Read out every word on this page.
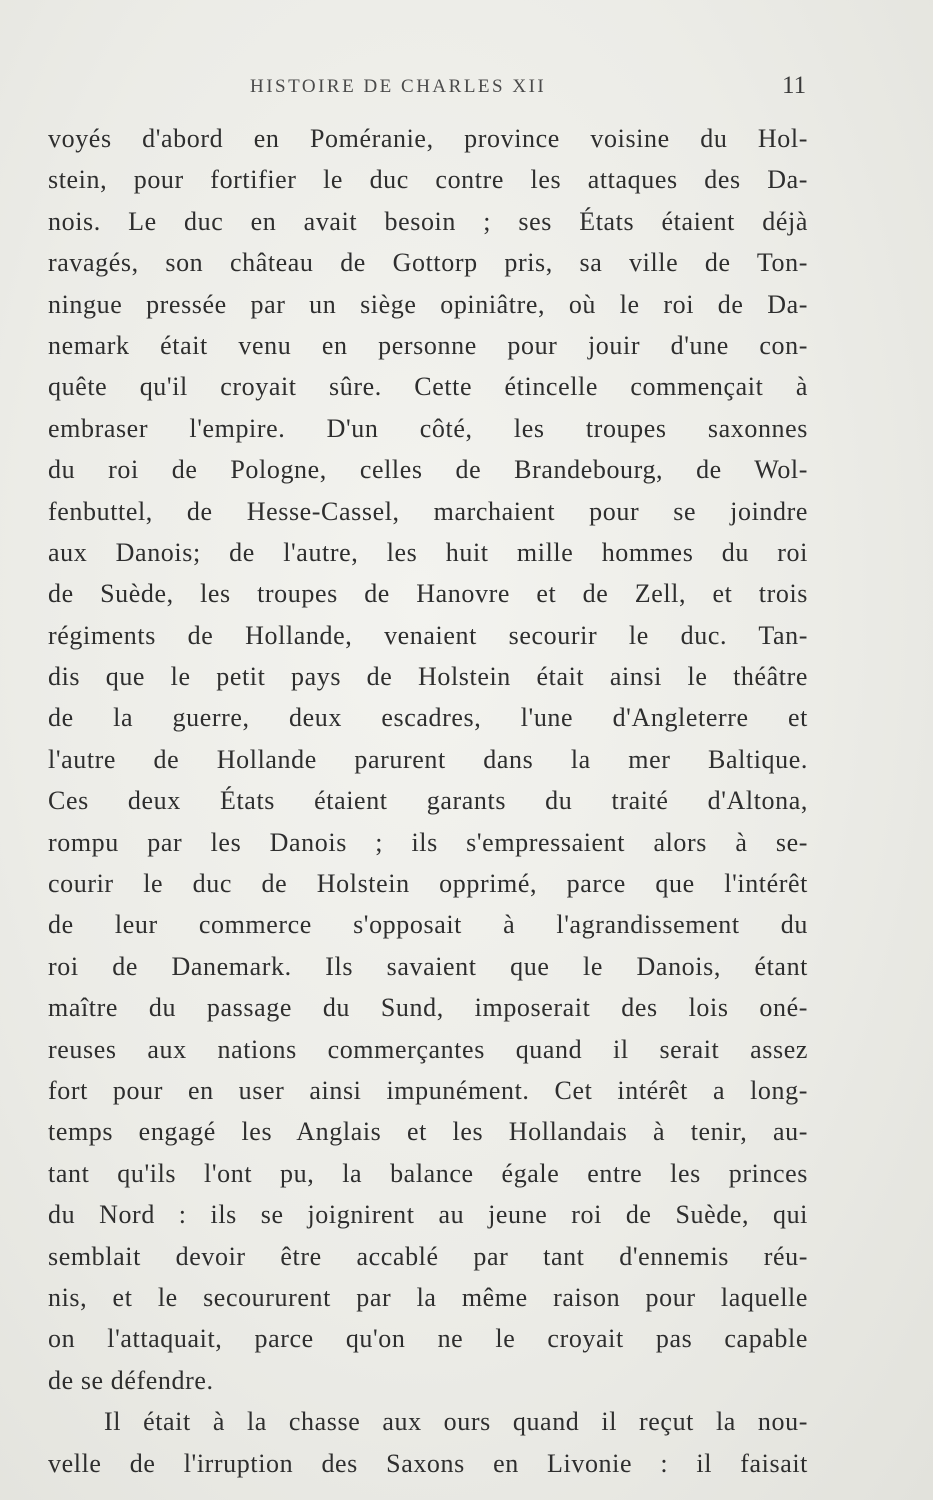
HISTOIRE DE CHARLES XII	11
voyés d'abord en Poméranie, province voisine du Hol-
stein, pour fortifier le duc contre les attaques des Da-
nois. Le duc en avait besoin ; ses États étaient déjà
ravagés, son château de Gottorp pris, sa ville de Ton-
ningue pressée par un siège opiniâtre, où le roi de Da-
nemark était venu en personne pour jouir d'une con-
quête qu'il croyait sûre. Cette étincelle commençait à
embraser l'empire. D'un côté, les troupes saxonnes
du roi de Pologne, celles de Brandebourg, de Wol-
fenbuttel, de Hesse-Cassel, marchaient pour se joindre
aux Danois; de l'autre, les huit mille hommes du roi
de Suède, les troupes de Hanovre et de Zell, et trois
régiments de Hollande, venaient secourir le duc. Tan-
dis que le petit pays de Holstein était ainsi le théâtre
de la guerre, deux escadres, l'une d'Angleterre et
l'autre de Hollande parurent dans la mer Baltique.
Ces deux États étaient garants du traité d'Altona,
rompu par les Danois ; ils s'empressaient alors à se-
courir le duc de Holstein opprimé, parce que l'intérêt
de leur commerce s'opposait à l'agrandissement du
roi de Danemark. Ils savaient que le Danois, étant
maître du passage du Sund, imposerait des lois oné-
reuses aux nations commerçantes quand il serait assez
fort pour en user ainsi impunément. Cet intérêt a long-
temps engagé les Anglais et les Hollandais à tenir, au-
tant qu'ils l'ont pu, la balance égale entre les princes
du Nord : ils se joignirent au jeune roi de Suède, qui
semblait devoir être accablé par tant d'ennemis réu-
nis, et le secoururent par la même raison pour laquelle
on l'attaquait, parce qu'on ne le croyait pas capable
de se défendre.
Il était à la chasse aux ours quand il reçut la nou-
velle de l'irruption des Saxons en Livonie : il faisait
